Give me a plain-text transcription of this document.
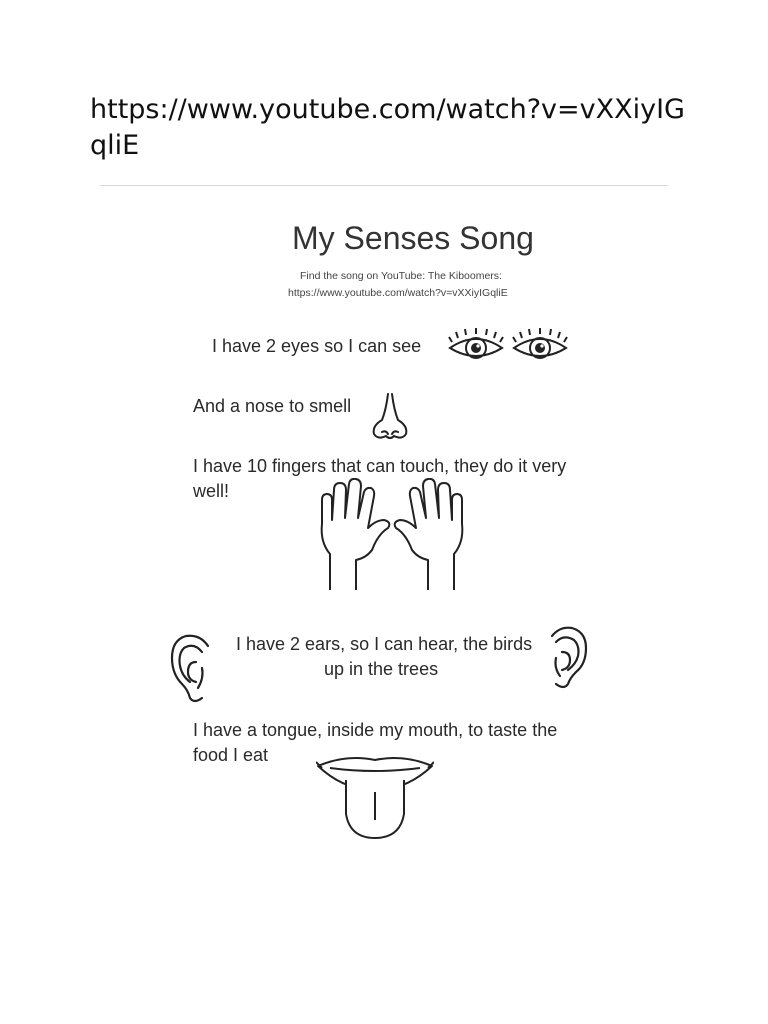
https://www.youtube.com/watch?v=vXXiyIGqliE
My Senses Song
Find the song on YouTube: The Kiboomers:
https://www.youtube.com/watch?v=vXXiyIGqliE
I have 2 eyes so I can see
And a nose to smell
I have 10 fingers that can touch, they do it very
well!
I have 2 ears, so I can hear, the birds
up in the trees
I have a tongue, inside my mouth, to taste the
food I eat
